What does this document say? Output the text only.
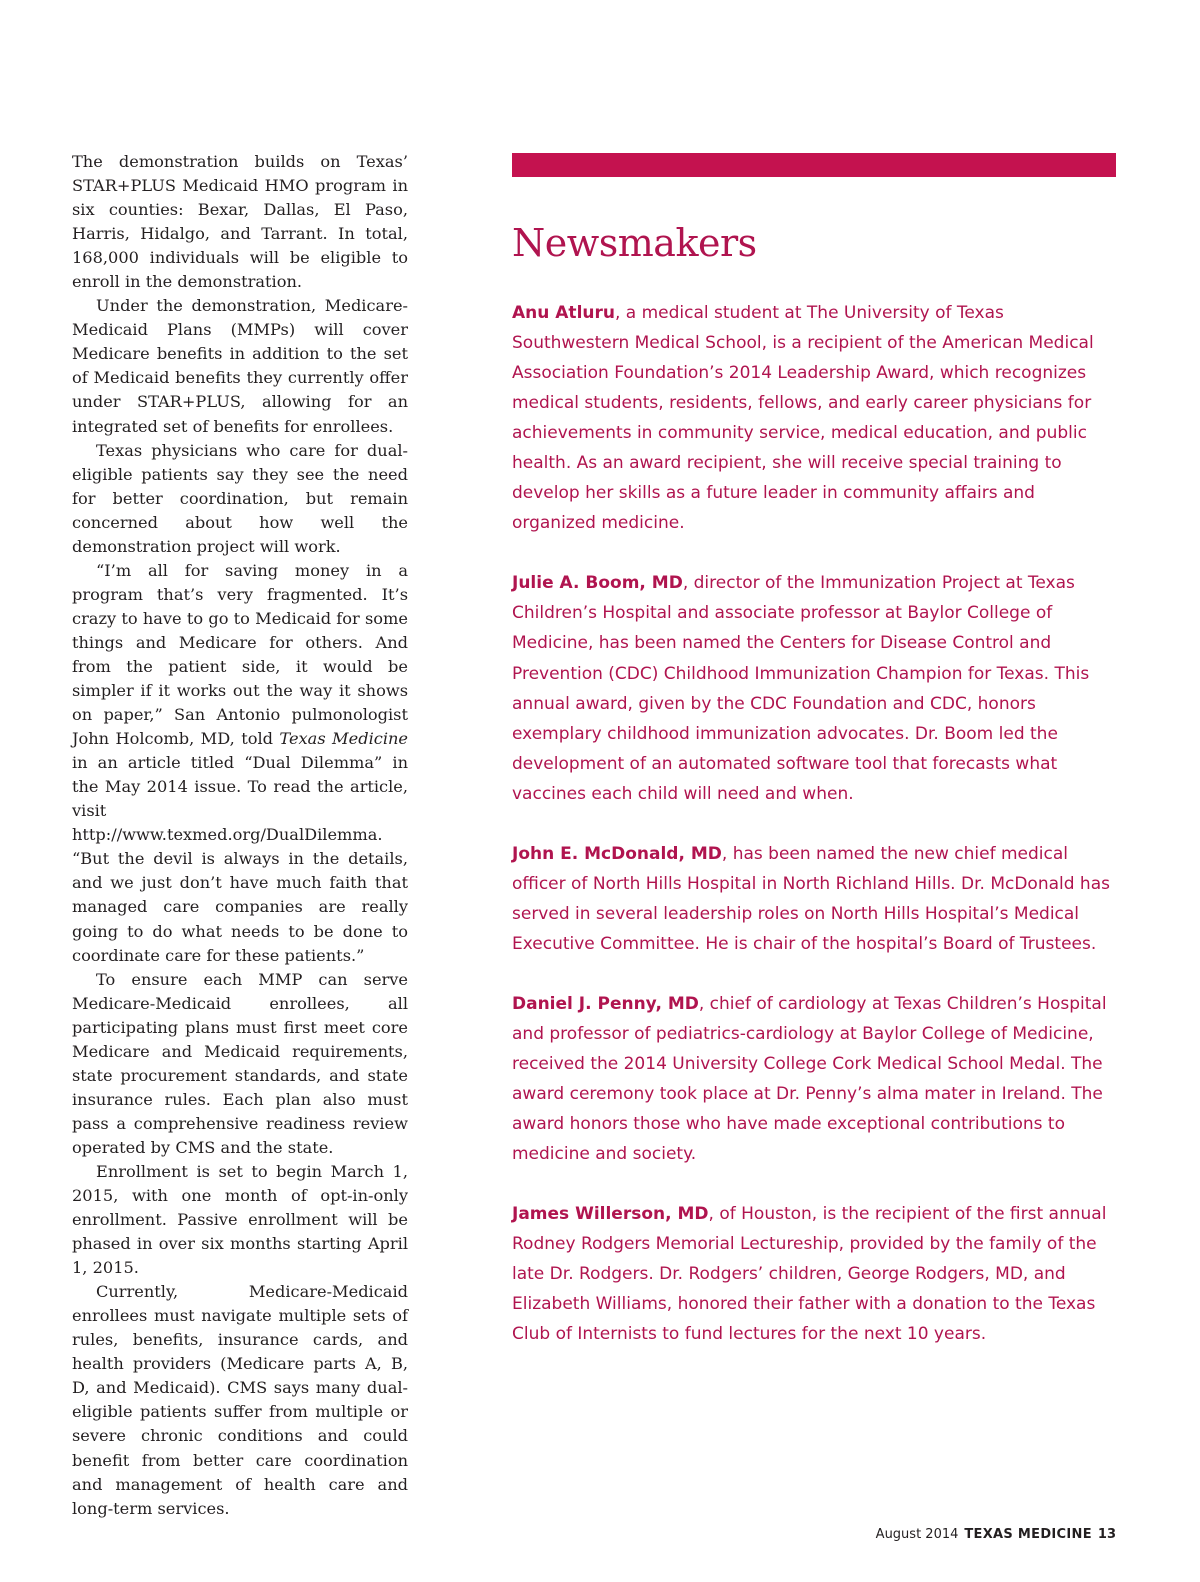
The demonstration builds on Texas’ STAR+PLUS Medicaid HMO program in six counties: Bexar, Dallas, El Paso, Harris, Hidalgo, and Tarrant. In total, 168,000 individuals will be eligible to enroll in the demonstration.

Under the demonstration, Medicare-Medicaid Plans (MMPs) will cover Medicare benefits in addition to the set of Medicaid benefits they currently offer under STAR+PLUS, allowing for an integrated set of benefits for enrollees.

Texas physicians who care for dual-eligible patients say they see the need for better coordination, but remain concerned about how well the demonstration project will work.

“I’m all for saving money in a program that’s very fragmented. It’s crazy to have to go to Medicaid for some things and Medicare for others. And from the patient side, it would be simpler if it works out the way it shows on paper,” San Antonio pulmonologist John Holcomb, MD, told Texas Medicine in an article titled “Dual Dilemma” in the May 2014 issue. To read the article, visit http://www.texmed.org/DualDilemma. “But the devil is always in the details, and we just don’t have much faith that managed care companies are really going to do what needs to be done to coordinate care for these patients.”

To ensure each MMP can serve Medicare-Medicaid enrollees, all participating plans must first meet core Medicare and Medicaid requirements, state procurement standards, and state insurance rules. Each plan also must pass a comprehensive readiness review operated by CMS and the state.

Enrollment is set to begin March 1, 2015, with one month of opt-in-only enrollment. Passive enrollment will be phased in over six months starting April 1, 2015.

Currently, Medicare-Medicaid enrollees must navigate multiple sets of rules, benefits, insurance cards, and health providers (Medicare parts A, B, D, and Medicaid). CMS says many dual-eligible patients suffer from multiple or severe chronic conditions and could benefit from better care coordination and management of health care and long-term services.

Newsmakers

Anu Atluru, a medical student at The University of Texas Southwestern Medical School, is a recipient of the American Medical Association Foundation’s 2014 Leadership Award, which recognizes medical students, residents, fellows, and early career physicians for achievements in community service, medical education, and public health. As an award recipient, she will receive special training to develop her skills as a future leader in community affairs and organized medicine.

Julie A. Boom, MD, director of the Immunization Project at Texas Children’s Hospital and associate professor at Baylor College of Medicine, has been named the Centers for Disease Control and Prevention (CDC) Childhood Immunization Champion for Texas. This annual award, given by the CDC Foundation and CDC, honors exemplary childhood immunization advocates. Dr. Boom led the development of an automated software tool that forecasts what vaccines each child will need and when.

John E. McDonald, MD, has been named the new chief medical officer of North Hills Hospital in North Richland Hills. Dr. McDonald has served in several leadership roles on North Hills Hospital’s Medical Executive Committee. He is chair of the hospital’s Board of Trustees.

Daniel J. Penny, MD, chief of cardiology at Texas Children’s Hospital and professor of pediatrics-cardiology at Baylor College of Medicine, received the 2014 University College Cork Medical School Medal. The award ceremony took place at Dr. Penny’s alma mater in Ireland. The award honors those who have made exceptional contributions to medicine and society.

James Willerson, MD, of Houston, is the recipient of the first annual Rodney Rodgers Memorial Lectureship, provided by the family of the late Dr. Rodgers. Dr. Rodgers’ children, George Rodgers, MD, and Elizabeth Williams, honored their father with a donation to the Texas Club of Internists to fund lectures for the next 10 years.

August 2014 TEXAS MEDICINE 13
